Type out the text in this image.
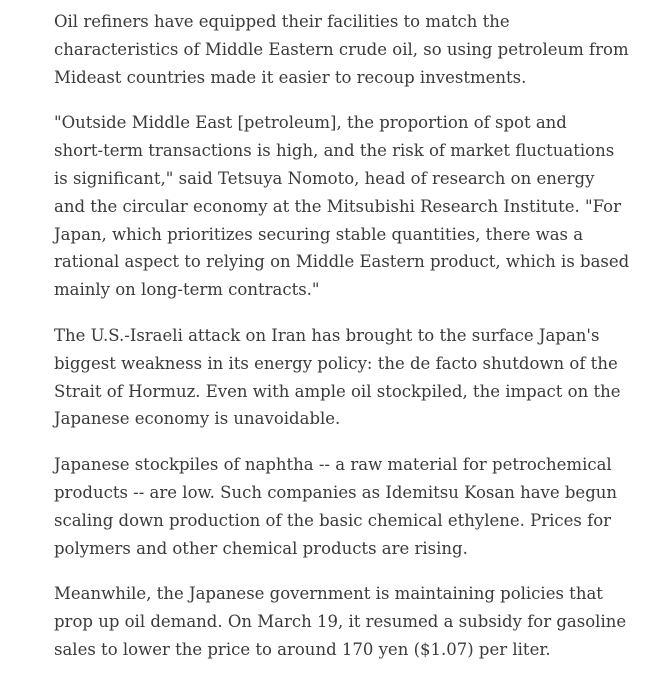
Oil refiners have equipped their facilities to match the
characteristics of Middle Eastern crude oil, so using petroleum from
Mideast countries made it easier to recoup investments.

"Outside Middle East [petroleum], the proportion of spot and
short-term transactions is high, and the risk of market fluctuations
is significant," said Tetsuya Nomoto, head of research on energy
and the circular economy at the Mitsubishi Research Institute. "For
Japan, which prioritizes securing stable quantities, there was a
rational aspect to relying on Middle Eastern product, which is based
mainly on long-term contracts."

The U.S.-Israeli attack on Iran has brought to the surface Japan's
biggest weakness in its energy policy: the de facto shutdown of the
Strait of Hormuz. Even with ample oil stockpiled, the impact on the
Japanese economy is unavoidable.

Japanese stockpiles of naphtha -- a raw material for petrochemical
products -- are low. Such companies as Idemitsu Kosan have begun
scaling down production of the basic chemical ethylene. Prices for
polymers and other chemical products are rising.

Meanwhile, the Japanese government is maintaining policies that
prop up oil demand. On March 19, it resumed a subsidy for gasoline
sales to lower the price to around 170 yen ($1.07) per liter.
